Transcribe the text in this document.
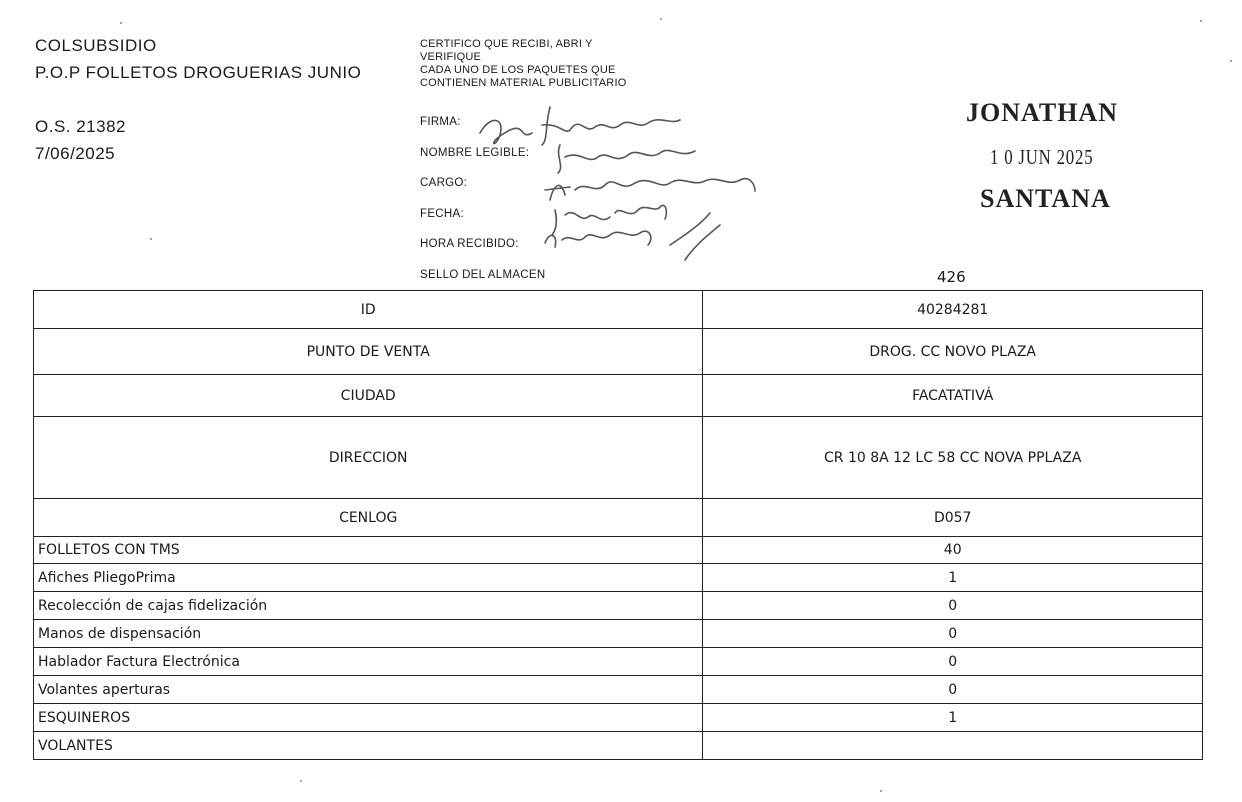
COLSUBSIDIO
P.O.P FOLLETOS DROGUERIAS JUNIO
O.S. 21382
7/06/2025
CERTIFICO QUE RECIBI, ABRI Y
VERIFIQUE
CADA UNO DE LOS PAQUETES QUE
CONTIENEN MATERIAL PUBLICITARIO
FIRMA:
NOMBRE LEGIBLE:
CARGO:
FECHA:
HORA RECIBIDO:
SELLO DEL ALMACEN
JONATHAN
1 0 JUN 2025
SANTANA
426
ID	40284281
PUNTO DE VENTA	DROG. CC NOVO PLAZA
CIUDAD	FACATATIVÁ
DIRECCION	CR 10 8A 12 LC 58 CC NOVA PPLAZA
CENLOG	D057
FOLLETOS CON TMS	40
Afiches PliegoPrima	1
Recolección de cajas fidelización	0
Manos de dispensación	0
Hablador Factura Electrónica	0
Volantes aperturas	0
ESQUINEROS	1
VOLANTES	
